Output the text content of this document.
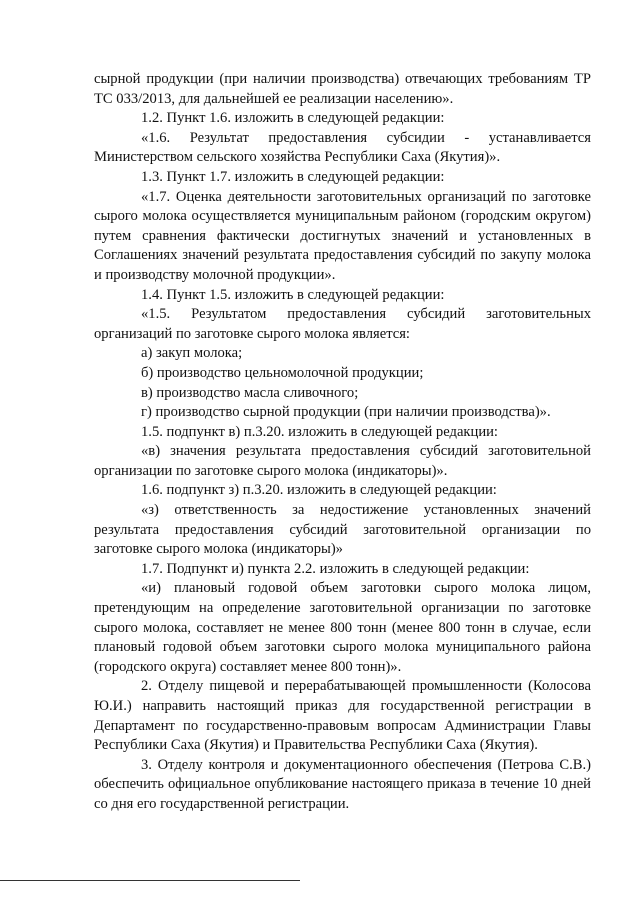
сырной продукции (при наличии производства) отвечающих требованиям ТР ТС 033/2013, для дальнейшей ее реализации населению».

1.2. Пункт 1.6. изложить в следующей редакции:

«1.6. Результат предоставления субсидии - устанавливается Министерством сельского хозяйства Республики Саха (Якутия)».

1.3. Пункт 1.7. изложить в следующей редакции:

«1.7. Оценка деятельности заготовительных организаций по заготовке сырого молока осуществляется муниципальным районом (городским округом) путем сравнения фактически достигнутых значений и установленных в Соглашениях значений результата предоставления субсидий по закупу молока и производству молочной продукции».

1.4. Пункт 1.5. изложить в следующей редакции:

«1.5. Результатом предоставления субсидий заготовительных организаций по заготовке сырого молока является:

а) закуп молока;

б) производство цельномолочной продукции;

в) производство масла сливочного;

г) производство сырной продукции (при наличии производства)».

1.5. подпункт в) п.3.20. изложить в следующей редакции:

«в) значения результата предоставления субсидий заготовительной организации по заготовке сырого молока (индикаторы)».

1.6. подпункт з) п.3.20. изложить в следующей редакции:

«з) ответственность за недостижение установленных значений результата предоставления субсидий заготовительной организации по заготовке сырого молока (индикаторы)»

1.7. Подпункт и) пункта 2.2. изложить в следующей редакции:

«и) плановый годовой объем заготовки сырого молока лицом, претендующим на определение заготовительной организации по заготовке сырого молока, составляет не менее 800 тонн (менее 800 тонн в случае, если плановый годовой объем заготовки сырого молока муниципального района (городского округа) составляет менее 800 тонн)».

2. Отделу пищевой и перерабатывающей промышленности (Колосова Ю.И.) направить настоящий приказ для государственной регистрации в Департамент по государственно-правовым вопросам Администрации Главы Республики Саха (Якутия) и Правительства Республики Саха (Якутия).

3. Отделу контроля и документационного обеспечения (Петрова С.В.) обеспечить официальное опубликование настоящего приказа в течение 10 дней со дня его государственной регистрации.
